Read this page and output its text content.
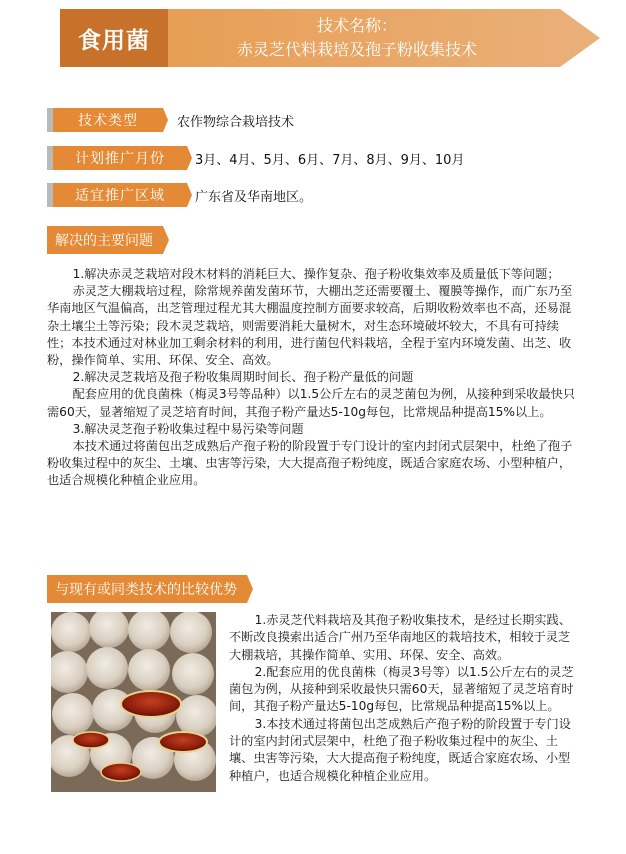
食用菌
技术名称：
赤灵芝代料栽培及孢子粉收集技术
技术类型	农作物综合栽培技术
计划推广月份	3月、4月、5月、6月、7月、8月、9月、10月
适宜推广区域	广东省及华南地区。
解决的主要问题

1.解决赤灵芝栽培对段木材料的消耗巨大、操作复杂、孢子粉收集效率及质量低下等问题；

赤灵芝大棚栽培过程，除常规养菌发菌环节，大棚出芝还需要覆土、覆膜等操作，而广东乃至华南地区气温偏高，出芝管理过程尤其大棚温度控制方面要求较高，后期收粉效率也不高，还易混杂土壤尘土等污染；段木灵芝栽培，则需要消耗大量树木，对生态环境破坏较大，不具有可持续性；本技术通过对林业加工剩余材料的利用，进行菌包代料栽培，全程于室内环境发菌、出芝、收粉，操作简单、实用、环保、安全、高效。

2.解决灵芝栽培及孢子粉收集周期时间长、孢子粉产量低的问题

配套应用的优良菌株（梅灵3号等品种）以1.5公斤左右的灵芝菌包为例，从接种到采收最快只需60天，显著缩短了灵芝培育时间，其孢子粉产量达5-10g每包，比常规品种提高15%以上。

3.解决灵芝孢子粉收集过程中易污染等问题

本技术通过将菌包出芝成熟后产孢子粉的阶段置于专门设计的室内封闭式层架中，杜绝了孢子粉收集过程中的灰尘、土壤、虫害等污染，大大提高孢子粉纯度，既适合家庭农场、小型种植户，也适合规模化种植企业应用。

与现有或同类技术的比较优势

1.赤灵芝代料栽培及其孢子粉收集技术，是经过长期实践、不断改良摸索出适合广州乃至华南地区的栽培技术，相较于灵芝大棚栽培，其操作简单、实用、环保、安全、高效。

2.配套应用的优良菌株（梅灵3号等）以1.5公斤左右的灵芝菌包为例，从接种到采收最快只需60天，显著缩短了灵芝培育时间，其孢子粉产量达5-10g每包，比常规品种提高15%以上。

3.本技术通过将菌包出芝成熟后产孢子粉的阶段置于专门设计的室内封闭式层架中，杜绝了孢子粉收集过程中的灰尘、土壤、虫害等污染，大大提高孢子粉纯度，既适合家庭农场、小型种植户，也适合规模化种植企业应用。
